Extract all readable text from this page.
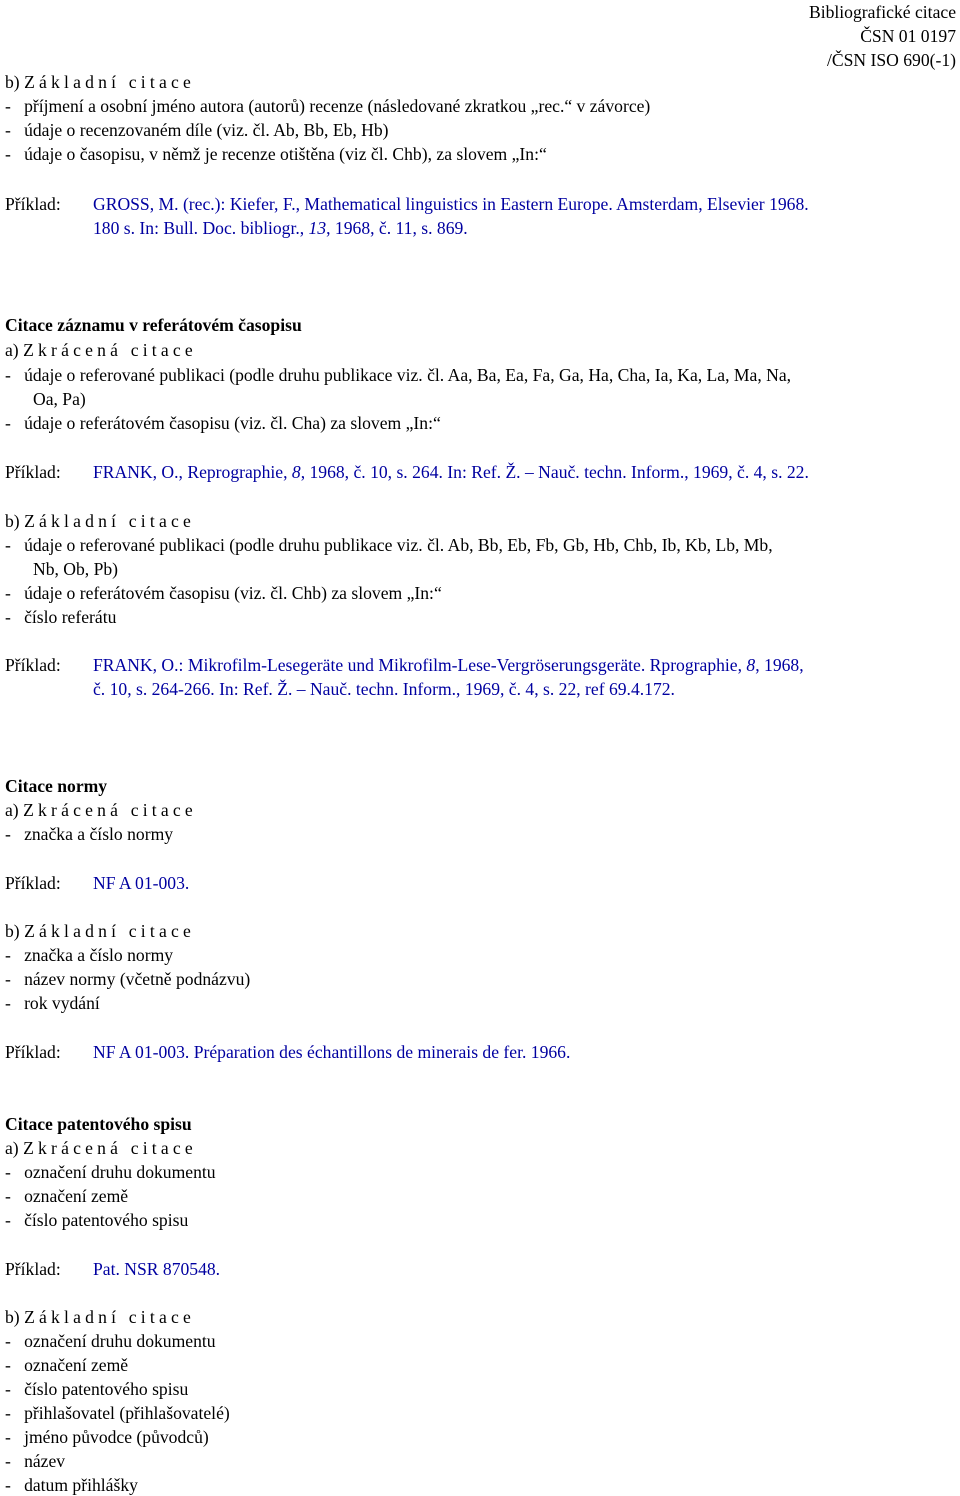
Bibliografické citace
ČSN 01 0197
/ČSN ISO 690(-1)
b) Základní citace
- příjmení a osobní jméno autora (autorů) recenze (následované zkratkou „rec.“ v závorce)
- údaje o recenzovaném díle (viz. čl. Ab, Bb, Eb, Hb)
- údaje o časopisu, v němž je recenze otištěna (viz čl. Chb), za slovem „In:“
Příklad: GROSS, M. (rec.): Kiefer, F., Mathematical linguistics in Eastern Europe. Amsterdam, Elsevier 1968.
180 s. In: Bull. Doc. bibliogr., 13, 1968, č. 11, s. 869.
Citace záznamu v referátovém časopisu
a) Zkrácená citace
- údaje o referované publikaci (podle druhu publikace viz. čl. Aa, Ba, Ea, Fa, Ga, Ha, Cha, Ia, Ka, La, Ma, Na,
Oa, Pa)
- údaje o referátovém časopisu (viz. čl. Cha) za slovem „In:“
Příklad: FRANK, O., Reprographie, 8, 1968, č. 10, s. 264. In: Ref. Ž. – Nauč. techn. Inform., 1969, č. 4, s. 22.
b) Základní citace
- údaje o referované publikaci (podle druhu publikace viz. čl. Ab, Bb, Eb, Fb, Gb, Hb, Chb, Ib, Kb, Lb, Mb,
Nb, Ob, Pb)
- údaje o referátovém časopisu (viz. čl. Chb) za slovem „In:“
- číslo referátu
Příklad: FRANK, O.: Mikrofilm-Lesegeräte und Mikrofilm-Lese-Vergröserungsgeräte. Rprographie, 8, 1968,
č. 10, s. 264-266. In: Ref. Ž. – Nauč. techn. Inform., 1969, č. 4, s. 22, ref 69.4.172.
Citace normy
a) Zkrácená citace
- značka a číslo normy
Příklad: NF A 01-003.
b) Základní citace
- značka a číslo normy
- název normy (včetně podnázvu)
- rok vydání
Příklad: NF A 01-003. Préparation des échantillons de minerais de fer. 1966.
Citace patentového spisu
a) Zkrácená citace
- označení druhu dokumentu
- označení země
- číslo patentového spisu
Příklad: Pat. NSR 870548.
b) Základní citace
- označení druhu dokumentu
- označení země
- číslo patentového spisu
- přihlašovatel (přihlašovatelé)
- jméno původce (původců)
- název
- datum přihlášky
